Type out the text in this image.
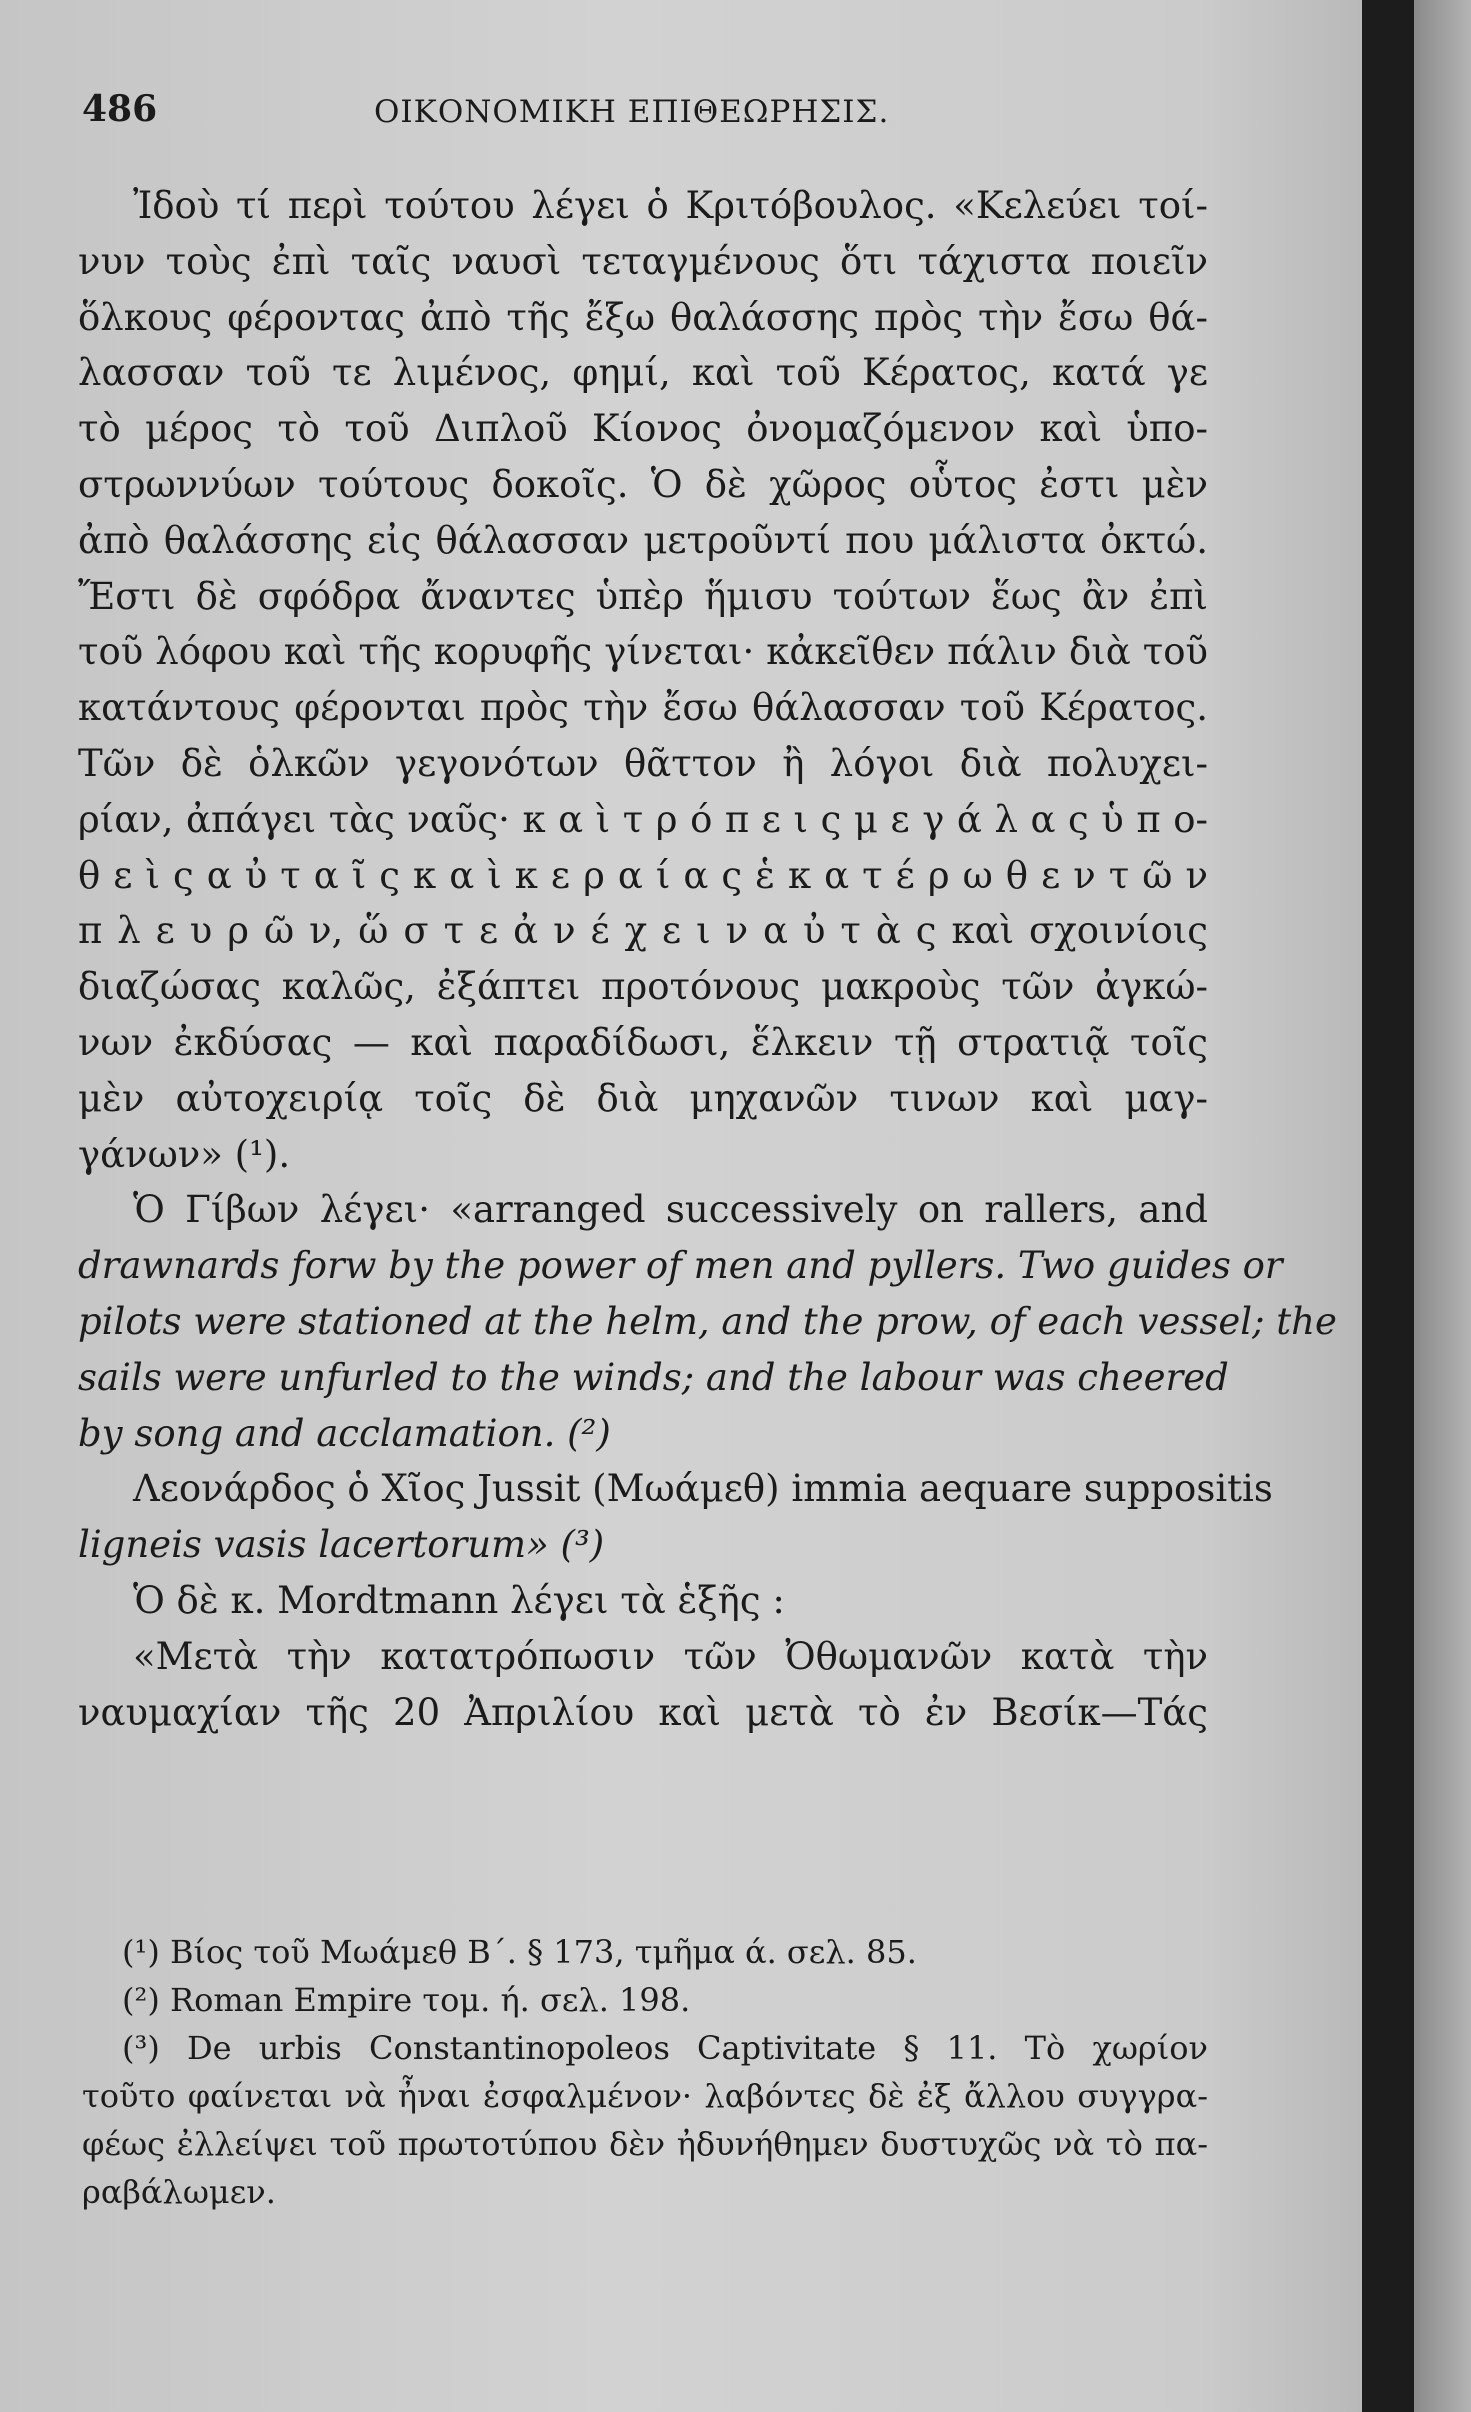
486	ΟΙΚΟΝΟΜΙΚΗ ΕΠΙΘΕΩΡΗΣΙΣ.
Ἰδοὺ τί περὶ τούτου λέγει ὁ Κριτόβουλος. «Κελεύει τοί-
νυν τοὺς ἐπὶ ταῖς ναυσὶ τεταγμένους ὅτι τάχιστα ποιεῖν
ὅλκους φέροντας ἀπὸ τῆς ἔξω θαλάσσης πρὸς τὴν ἔσω θά-
λασσαν τοῦ τε λιμένος, φημί, καὶ τοῦ Κέρατος, κατά γε
τὸ μέρος τὸ τοῦ Διπλοῦ Κίονος ὀνομαζόμενον καὶ ὑπο-
στρωννύων τούτους δοκοῖς. Ὁ δὲ χῶρος οὗτος ἐστι μὲν
ἀπὸ θαλάσσης εἰς θάλασσαν μετροῦντί που μάλιστα ὀκτώ.
Ἔστι δὲ σφόδρα ἄναντες ὑπὲρ ἥμισυ τούτων ἕως ἂν ἐπὶ
τοῦ λόφου καὶ τῆς κορυφῆς γίνεται· κἀκεῖθεν πάλιν διὰ τοῦ
κατάντους φέρονται πρὸς τὴν ἔσω θάλασσαν τοῦ Κέρατος.
Τῶν δὲ ὁλκῶν γεγονότων θᾶττον ἢ λόγοι διὰ πολυχει-
ρίαν, ἀπάγει τὰς ναῦς· κ α ὶ τ ρ ό π ε ι ς μ ε γ ά λ α ς ὑ π ο-
θ ε ὶ ς α ὐ τ α ῖ ς κ α ὶ κ ε ρ α ί α ς ἑ κ α τ έ ρ ω θ ε ν τ ῶ ν
π λ ε υ ρ ῶ ν, ὥ σ τ ε ἀ ν έ χ ε ι ν α ὐ τ ὰ ς καὶ σχοινίοις
διαζώσας καλῶς, ἐξάπτει προτόνους μακροὺς τῶν ἀγκώ-
νων ἐκδύσας — καὶ παραδίδωσι, ἕλκειν τῇ στρατιᾷ τοῖς
μὲν αὐτοχειρίᾳ τοῖς δὲ διὰ μηχανῶν τινων καὶ μαγ-
γάνων» (¹).
Ὁ Γίβων λέγει· «arranged successively on rallers, and
drawnards forw by the power of men and pyllers. Two guides or
pilots were stationed at the helm, and the prow, of each vessel; the
sails were unfurled to the winds; and the labour was cheered
by song and acclamation. (²)
Λεονάρδος ὁ Χῖος Jussit (Μωάμεθ) immia aequare suppositis
ligneis vasis lacertorum» (³)
Ὁ δὲ κ. Mordtmann λέγει τὰ ἑξῆς :
«Μετὰ τὴν κατατρόπωσιν τῶν Ὀθωμανῶν κατὰ τὴν
ναυμαχίαν τῆς 20 Ἀπριλίου καὶ μετὰ τὸ ἐν Βεσίκ—Τάς
(¹) Βίος τοῦ Μωάμεθ Β΄. § 173, τμῆμα ά. σελ. 85.
(²) Roman Empire τομ. ή. σελ. 198.
(³) De urbis Constantinopoleos Captivitate § 11. Τὸ χωρίον
τοῦτο φαίνεται νὰ ἦναι ἐσφαλμένον· λαβόντες δὲ ἐξ ἄλλου συγγρα-
φέως ἐλλείψει τοῦ πρωτοτύπου δὲν ἠδυνήθημεν δυστυχῶς νὰ τὸ πα-
ραβάλωμεν.
